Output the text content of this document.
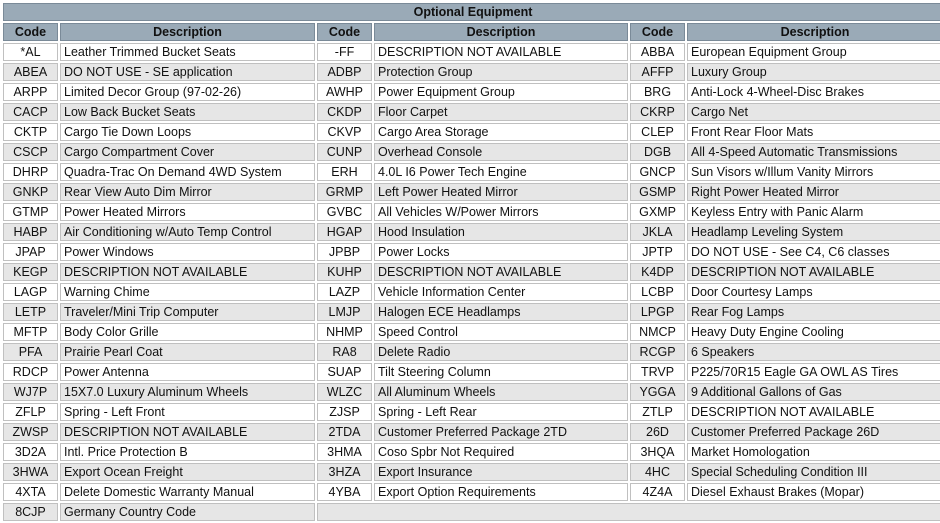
Optional Equipment					
Code	Description	Code	Description	Code	Description
*AL	Leather Trimmed Bucket Seats	-FF	DESCRIPTION NOT AVAILABLE	ABBA	European Equipment Group
ABEA	DO NOT USE - SE application	ADBP	Protection Group	AFFP	Luxury Group
ARPP	Limited Decor Group (97-02-26)	AWHP	Power Equipment Group	BRG	Anti-Lock 4-Wheel-Disc Brakes
CACP	Low Back Bucket Seats	CKDP	Floor Carpet	CKRP	Cargo Net
CKTP	Cargo Tie Down Loops	CKVP	Cargo Area Storage	CLEP	Front Rear Floor Mats
CSCP	Cargo Compartment Cover	CUNP	Overhead Console	DGB	All 4-Speed Automatic Transmissions
DHRP	Quadra-Trac On Demand 4WD System	ERH	4.0L I6 Power Tech Engine	GNCP	Sun Visors w/Illum Vanity Mirrors
GNKP	Rear View Auto Dim Mirror	GRMP	Left Power Heated Mirror	GSMP	Right Power Heated Mirror
GTMP	Power Heated Mirrors	GVBC	All Vehicles W/Power Mirrors	GXMP	Keyless Entry with Panic Alarm
HABP	Air Conditioning w/Auto Temp Control	HGAP	Hood Insulation	JKLA	Headlamp Leveling System
JPAP	Power Windows	JPBP	Power Locks	JPTP	DO NOT USE - See C4, C6 classes
KEGP	DESCRIPTION NOT AVAILABLE	KUHP	DESCRIPTION NOT AVAILABLE	K4DP	DESCRIPTION NOT AVAILABLE
LAGP	Warning Chime	LAZP	Vehicle Information Center	LCBP	Door Courtesy Lamps
LETP	Traveler/Mini Trip Computer	LMJP	Halogen ECE Headlamps	LPGP	Rear Fog Lamps
MFTP	Body Color Grille	NHMP	Speed Control	NMCP	Heavy Duty Engine Cooling
PFA	Prairie Pearl Coat	RA8	Delete Radio	RCGP	6 Speakers
RDCP	Power Antenna	SUAP	Tilt Steering Column	TRVP	P225/70R15 Eagle GA OWL AS Tires
WJ7P	15X7.0 Luxury Aluminum Wheels	WLZC	All Aluminum Wheels	YGGA	9 Additional Gallons of Gas
ZFLP	Spring - Left Front	ZJSP	Spring - Left Rear	ZTLP	DESCRIPTION NOT AVAILABLE
ZWSP	DESCRIPTION NOT AVAILABLE	2TDA	Customer Preferred Package 2TD	26D	Customer Preferred Package 26D
3D2A	Intl. Price Protection B	3HMA	Coso Spbr Not Required	3HQA	Market Homologation
3HWA	Export Ocean Freight	3HZA	Export Insurance	4HC	Special Scheduling Condition III
4XTA	Delete Domestic Warranty Manual	4YBA	Export Option Requirements	4Z4A	Diesel Exhaust Brakes (Mopar)
8CJP	Germany Country Code				
